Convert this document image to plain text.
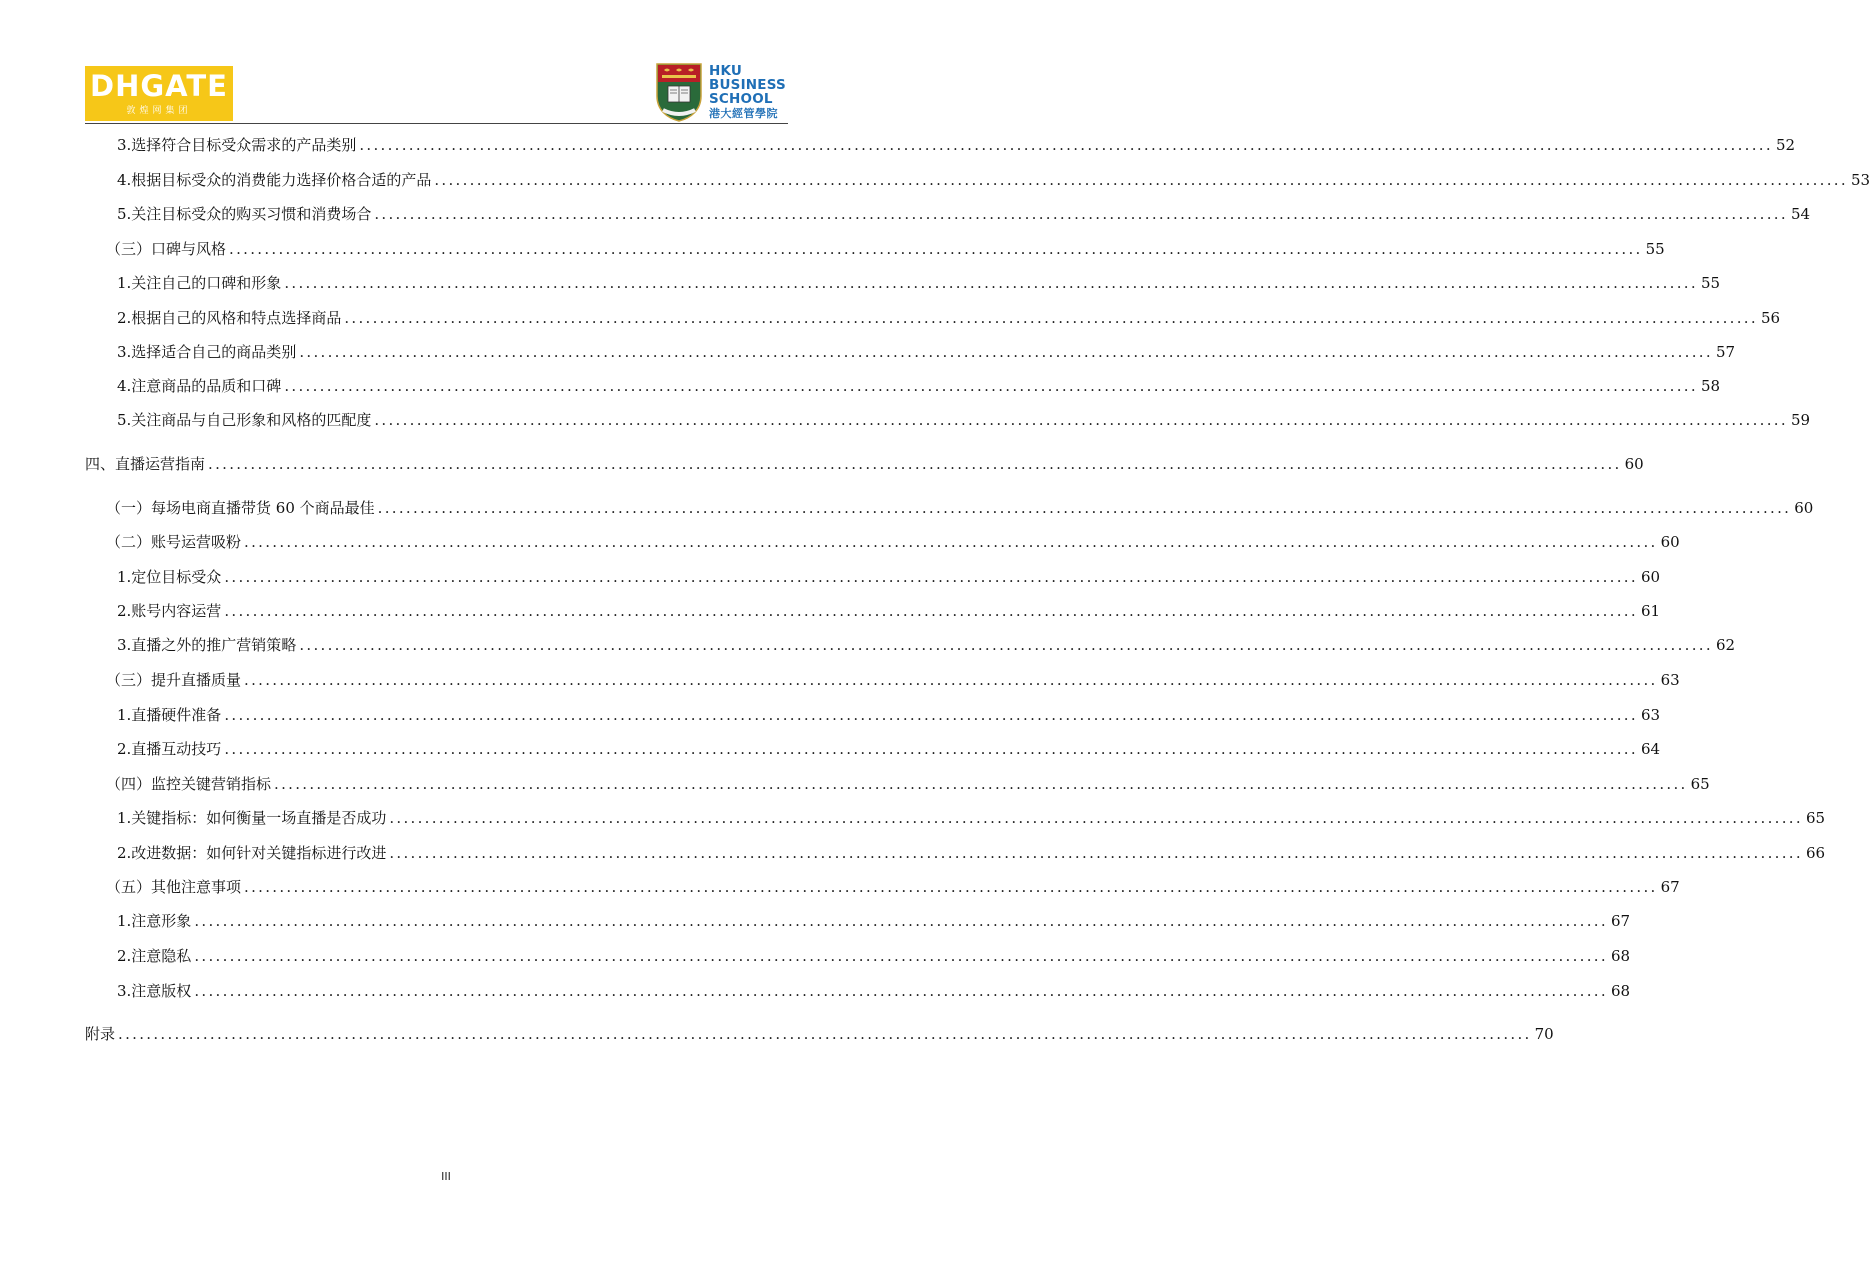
DHGATE
敦煌网集团
HKU
BUSINESS
SCHOOL
港大經管學院
3.选择符合目标受众需求的产品类别 ........................................................................................................................................................................................................ 52
4.根据目标受众的消费能力选择价格合适的产品 ........................................................................................................................................................................................................ 53
5.关注目标受众的购买习惯和消费场合 ........................................................................................................................................................................................................ 54
（三）口碑与风格 ........................................................................................................................................................................................................ 55
1.关注自己的口碑和形象 ........................................................................................................................................................................................................ 55
2.根据自己的风格和特点选择商品 ........................................................................................................................................................................................................ 56
3.选择适合自己的商品类别 ........................................................................................................................................................................................................ 57
4.注意商品的品质和口碑 ........................................................................................................................................................................................................ 58
5.关注商品与自己形象和风格的匹配度 ........................................................................................................................................................................................................ 59
四、直播运营指南 ........................................................................................................................................................................................................ 60
（一）每场电商直播带货 60 个商品最佳 ........................................................................................................................................................................................................ 60
（二）账号运营吸粉 ........................................................................................................................................................................................................ 60
1.定位目标受众 ........................................................................................................................................................................................................ 60
2.账号内容运营 ........................................................................................................................................................................................................ 61
3.直播之外的推广营销策略 ........................................................................................................................................................................................................ 62
（三）提升直播质量 ........................................................................................................................................................................................................ 63
1.直播硬件准备 ........................................................................................................................................................................................................ 63
2.直播互动技巧 ........................................................................................................................................................................................................ 64
（四）监控关键营销指标 ........................................................................................................................................................................................................ 65
1.关键指标：如何衡量一场直播是否成功 ........................................................................................................................................................................................................ 65
2.改进数据：如何针对关键指标进行改进 ........................................................................................................................................................................................................ 66
（五）其他注意事项 ........................................................................................................................................................................................................ 67
1.注意形象 ........................................................................................................................................................................................................ 67
2.注意隐私 ........................................................................................................................................................................................................ 68
3.注意版权 ........................................................................................................................................................................................................ 68
附录 ........................................................................................................................................................................................................ 70
III
